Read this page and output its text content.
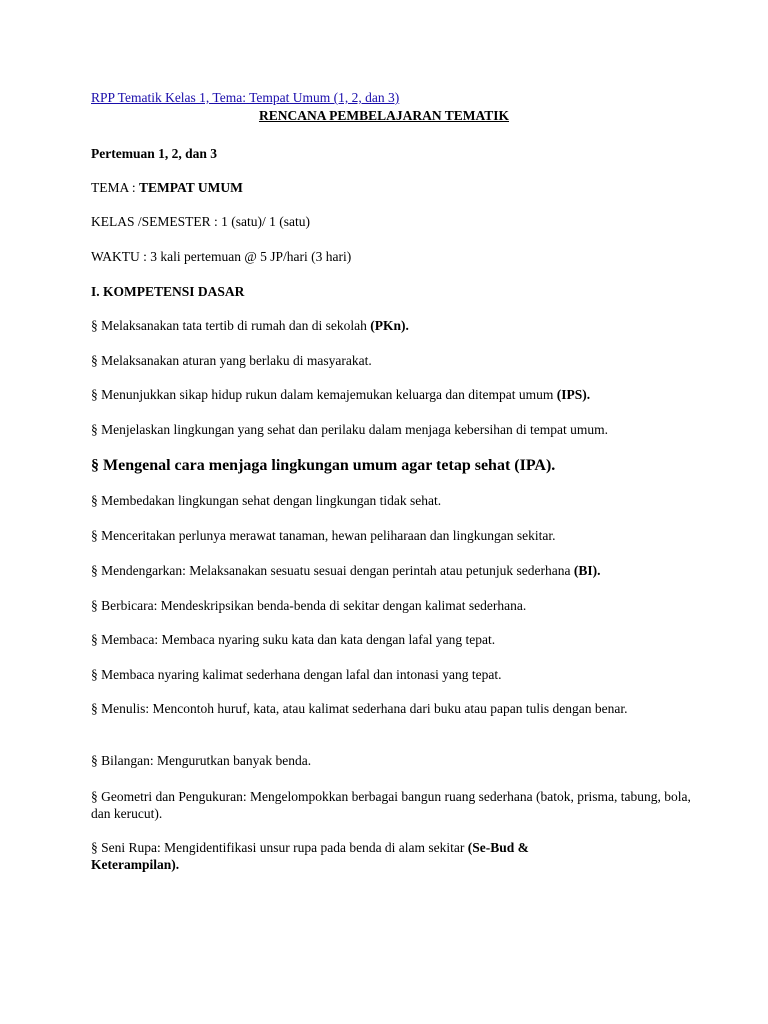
RPP Tematik Kelas 1, Tema: Tempat Umum (1, 2, dan 3)
RENCANA PEMBELAJARAN TEMATIK
Pertemuan 1, 2, dan 3
TEMA : TEMPAT UMUM
KELAS /SEMESTER : 1 (satu)/ 1 (satu)
WAKTU : 3 kali pertemuan @ 5 JP/hari (3 hari)
I. KOMPETENSI DASAR
§ Melaksanakan tata tertib di rumah dan di sekolah (PKn).
§ Melaksanakan aturan yang berlaku di masyarakat.
§ Menunjukkan sikap hidup rukun dalam kemajemukan keluarga dan ditempat umum (IPS).
§ Menjelaskan lingkungan yang sehat dan perilaku dalam menjaga kebersihan di tempat umum.
§ Mengenal cara menjaga lingkungan umum agar tetap sehat (IPA).
§ Membedakan lingkungan sehat dengan lingkungan tidak sehat.
§ Menceritakan perlunya merawat tanaman, hewan peliharaan dan lingkungan sekitar.
§ Mendengarkan: Melaksanakan sesuatu sesuai dengan perintah atau petunjuk sederhana (BI).
§ Berbicara: Mendeskripsikan benda-benda di sekitar dengan kalimat sederhana.
§ Membaca: Membaca nyaring suku kata dan kata dengan lafal yang tepat.
§ Membaca nyaring kalimat sederhana dengan lafal dan intonasi yang tepat.
§ Menulis: Mencontoh huruf, kata, atau kalimat sederhana dari buku atau papan tulis dengan benar.
§ Bilangan: Mengurutkan banyak benda.
§ Geometri dan Pengukuran: Mengelompokkan berbagai bangun ruang sederhana (batok, prisma, tabung, bola, dan kerucut).
§ Seni Rupa: Mengidentifikasi unsur rupa pada benda di alam sekitar (Se-Bud & Keterampilan).
